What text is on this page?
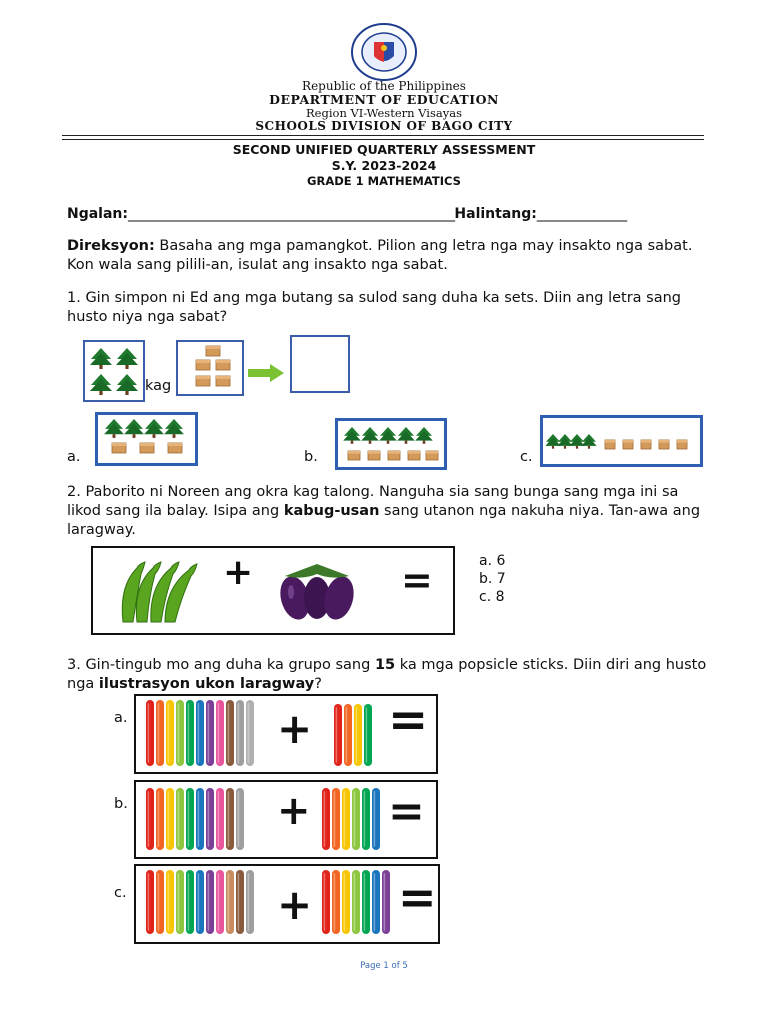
Republic of the Philippines
DEPARTMENT OF EDUCATION
Region VI-Western Visayas
SCHOOLS DIVISION OF BAGO CITY
SECOND UNIFIED QUARTERLY ASSESSMENT
S.Y. 2023-2024
GRADE 1 MATHEMATICS
Ngalan:___________________________________________________Halintang:______________
Direksyon: Basaha ang mga pamangkot. Pilion ang letra nga may insakto nga sabat. Kon wala sang pilili-an, isulat ang insakto nga sabat.
1. Gin simpon ni Ed ang mga butang sa sulod sang duha ka sets. Diin ang letra sang husto niya nga sabat?
kag
a.	b.	c.
2. Paborito ni Noreen ang okra kag talong. Nanguha sia sang bunga sang mga ini sa likod sang ila balay. Isipa ang kabug-usan sang utanon nga nakuha niya. Tan-awa ang laragway.
+	=	a. 6
b. 7
c. 8
3. Gin-tingub mo ang duha ka grupo sang 15 ka mga popsicle sticks. Diin diri ang husto nga ilustrasyon ukon laragway?
a.	+ =
b.	+ =
c.	+ =
Page 1 of 5
